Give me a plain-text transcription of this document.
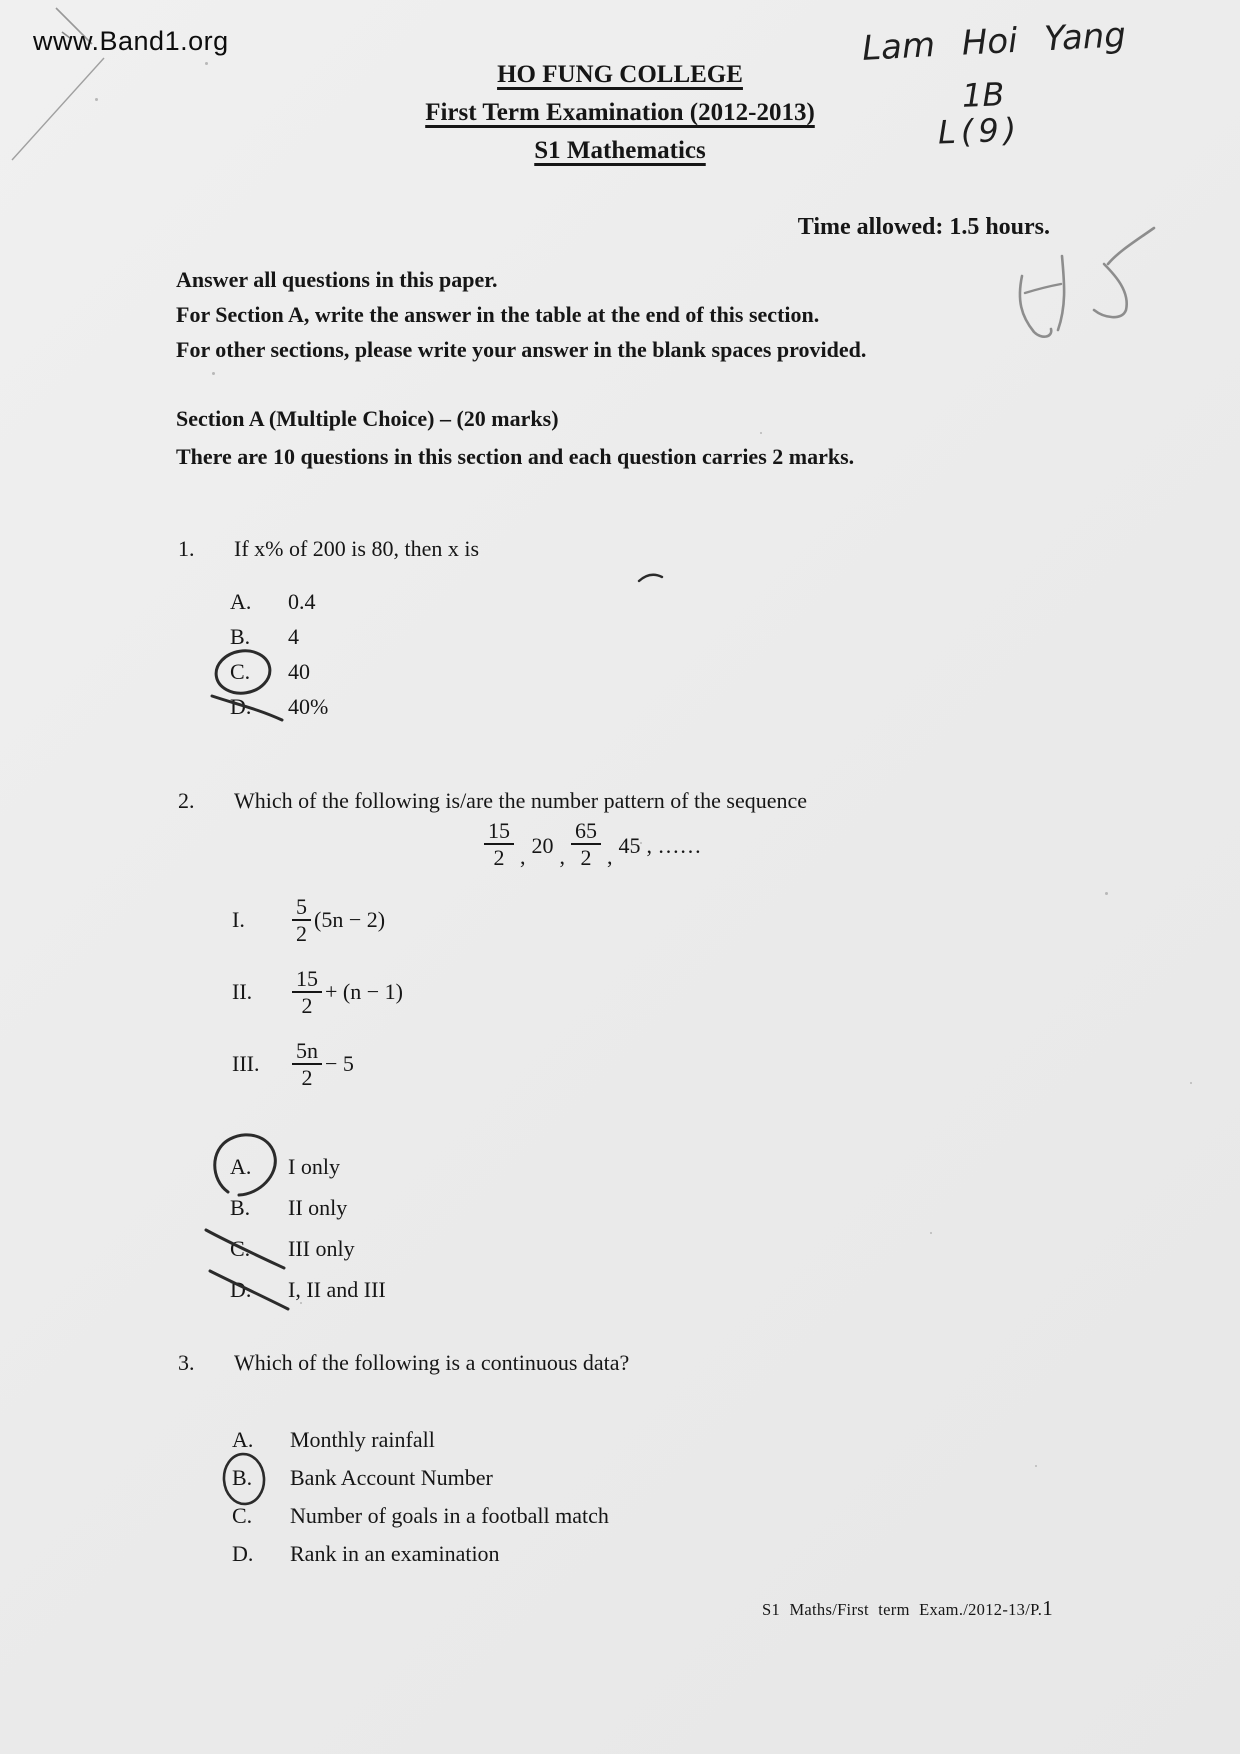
www.Band1.org
HO FUNG COLLEGE
First Term Examination (2012-2013)
S1 Mathematics
Lam Hoi Yang
1B
L(9)
Time allowed: 1.5 hours.
Answer all questions in this paper.
For Section A, write the answer in the table at the end of this section.
For other sections, please write your answer in the blank spaces provided.
Section A (Multiple Choice) – (20 marks)
There are 10 questions in this section and each question carries 2 marks.
1. If x% of 200 is 80, then x is
A.	0.4
B.	4
C.	40
D.	40%
2. Which of the following is/are the number pattern of the sequence
$\frac{15}{2}$ , 20 , $\frac{65}{2}$ , 45 , ……
I.	$\frac{5}{2} (5n - 2)$
II.	$\frac{15}{2} + (n - 1)$
III.	$\frac{5n}{2} - 5$
A.	I only
B.	II only
C.	III only
D.	I, II and III
3. Which of the following is a continuous data?
A.	Monthly rainfall
B.	Bank Account Number
C.	Number of goals in a football match
D.	Rank in an examination
S1 Maths/First term Exam./2012-13/P.1
